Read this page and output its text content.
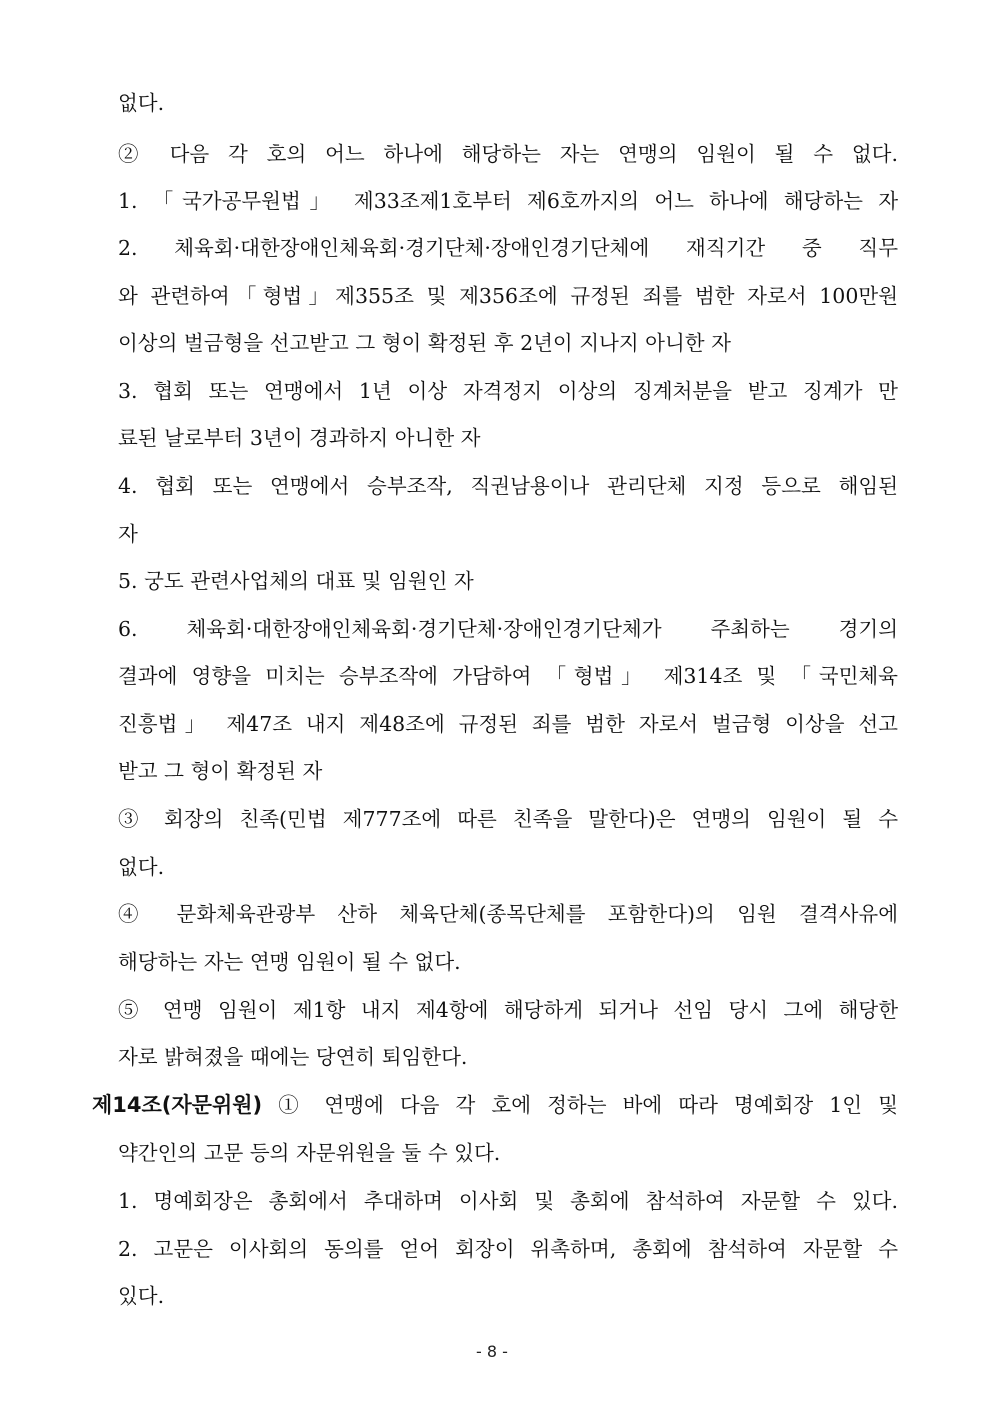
없다.
② 다음 각 호의 어느 하나에 해당하는 자는 연맹의 임원이 될 수 없다.
1. 「국가공무원법」 제33조제1호부터 제6호까지의 어느 하나에 해당하는 자
2. 체육회·대한장애인체육회·경기단체·장애인경기단체에 재직기간 중 직무
와 관련하여「형법」제355조 및 제356조에 규정된 죄를 범한 자로서 100만원
이상의 벌금형을 선고받고 그 형이 확정된 후 2년이 지나지 아니한 자
3. 협회 또는 연맹에서 1년 이상 자격정지 이상의 징계처분을 받고 징계가 만
료된 날로부터 3년이 경과하지 아니한 자
4. 협회 또는 연맹에서 승부조작, 직권남용이나 관리단체 지정 등으로 해임된
자
5. 궁도 관련사업체의 대표 및 임원인 자
6. 체육회·대한장애인체육회·경기단체·장애인경기단체가 주최하는 경기의
결과에 영향을 미치는 승부조작에 가담하여 「형법」 제314조 및 「국민체육
진흥법」 제47조 내지 제48조에 규정된 죄를 범한 자로서 벌금형 이상을 선고
받고 그 형이 확정된 자
③ 회장의 친족(민법 제777조에 따른 친족을 말한다)은 연맹의 임원이 될 수
없다.
④ 문화체육관광부 산하 체육단체(종목단체를 포함한다)의 임원 결격사유에
해당하는 자는 연맹 임원이 될 수 없다.
⑤ 연맹 임원이 제1항 내지 제4항에 해당하게 되거나 선임 당시 그에 해당한
자로 밝혀졌을 때에는 당연히 퇴임한다.
제14조(자문위원) ① 연맹에 다음 각 호에 정하는 바에 따라 명예회장 1인 및
약간인의 고문 등의 자문위원을 둘 수 있다.
1. 명예회장은 총회에서 추대하며 이사회 및 총회에 참석하여 자문할 수 있다.
2. 고문은 이사회의 동의를 얻어 회장이 위촉하며, 총회에 참석하여 자문할 수
있다.
- 8 -
